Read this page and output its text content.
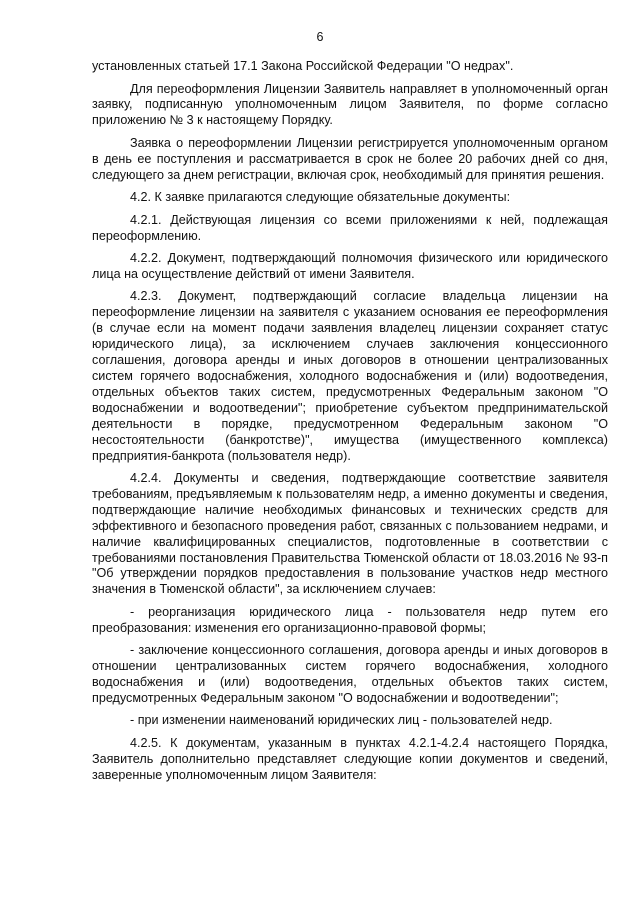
6

установленных статьей 17.1 Закона Российской Федерации "О недрах".

Для переоформления Лицензии Заявитель направляет в уполномоченный орган заявку, подписанную уполномоченным лицом Заявителя, по форме согласно приложению № 3 к настоящему Порядку.

Заявка о переоформлении Лицензии регистрируется уполномоченным органом в день ее поступления и рассматривается в срок не более 20 рабочих дней со дня, следующего за днем регистрации, включая срок, необходимый для принятия решения.

4.2. К заявке прилагаются следующие обязательные документы:

4.2.1. Действующая лицензия со всеми приложениями к ней, подлежащая переоформлению.

4.2.2. Документ, подтверждающий полномочия физического или юридического лица на осуществление действий от имени Заявителя.

4.2.3. Документ, подтверждающий согласие владельца лицензии на переоформление лицензии на заявителя с указанием основания ее переоформления (в случае если на момент подачи заявления владелец лицензии сохраняет статус юридического лица), за исключением случаев заключения концессионного соглашения, договора аренды и иных договоров в отношении централизованных систем горячего водоснабжения, холодного водоснабжения и (или) водоотведения, отдельных объектов таких систем, предусмотренных Федеральным законом "О водоснабжении и водоотведении"; приобретение субъектом предпринимательской деятельности в порядке, предусмотренном Федеральным законом "О несостоятельности (банкротстве)", имущества (имущественного комплекса) предприятия-банкрота (пользователя недр).

4.2.4. Документы и сведения, подтверждающие соответствие заявителя требованиям, предъявляемым к пользователям недр, а именно документы и сведения, подтверждающие наличие необходимых финансовых и технических средств для эффективного и безопасного проведения работ, связанных с пользованием недрами, и наличие квалифицированных специалистов, подготовленные в соответствии с требованиями постановления Правительства Тюменской области от 18.03.2016 № 93-п "Об утверждении порядков предоставления в пользование участков недр местного значения в Тюменской области", за исключением случаев:

- реорганизация юридического лица - пользователя недр путем его преобразования: изменения его организационно-правовой формы;

- заключение концессионного соглашения, договора аренды и иных договоров в отношении централизованных систем горячего водоснабжения, холодного водоснабжения и (или) водоотведения, отдельных объектов таких систем, предусмотренных Федеральным законом "О водоснабжении и водоотведении";

- при изменении наименований юридических лиц - пользователей недр.

4.2.5. К документам, указанным в пунктах 4.2.1-4.2.4 настоящего Порядка, Заявитель дополнительно представляет следующие копии документов и сведений, заверенные уполномоченным лицом Заявителя:
